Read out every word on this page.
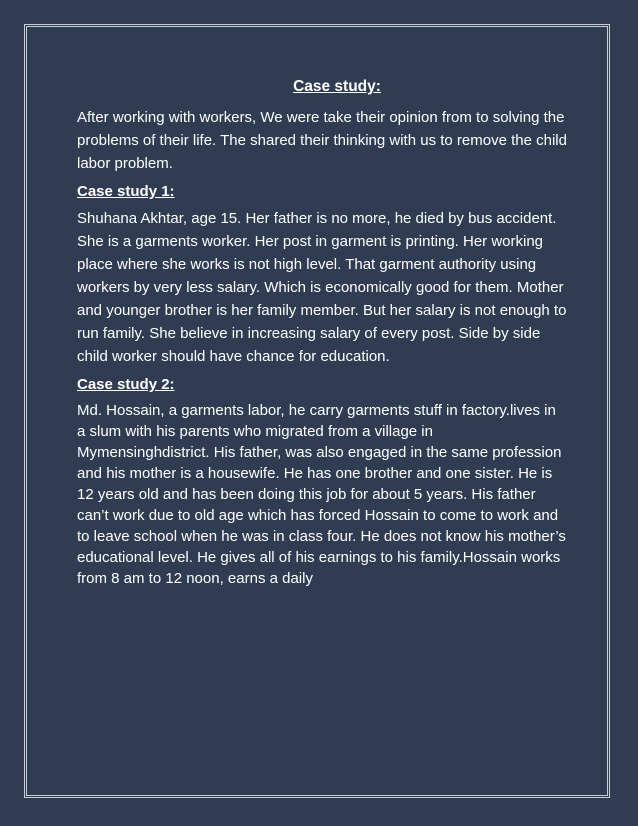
Case study:

After working with workers, We were take their opinion from to solving the problems of their life. The shared their thinking with us to remove the child labor problem.

Case study 1:

Shuhana Akhtar, age 15. Her father is no more, he died by bus accident. She is a garments worker. Her post in garment is printing. Her working place where she works is not high level. That garment authority using workers by very less salary. Which is economically good for them. Mother and younger brother is her family member. But her salary is not enough to run family. She believe in increasing salary of every post. Side by side child worker should have chance for education.

Case study 2:

Md. Hossain, a garments labor, he carry garments stuff in factory.lives in a slum with his parents who migrated from a village in Mymensinghdistrict. His father, was also engaged in the same profession and his mother is a housewife. He has one brother and one sister. He is 12 years old and has been doing this job for about 5 years. His father can’t work due to old age which has forced Hossain to come to work and to leave school when he was in class four. He does not know his mother’s educational level. He gives all of his earnings to his family.Hossain works from 8 am to 12 noon, earns a daily
